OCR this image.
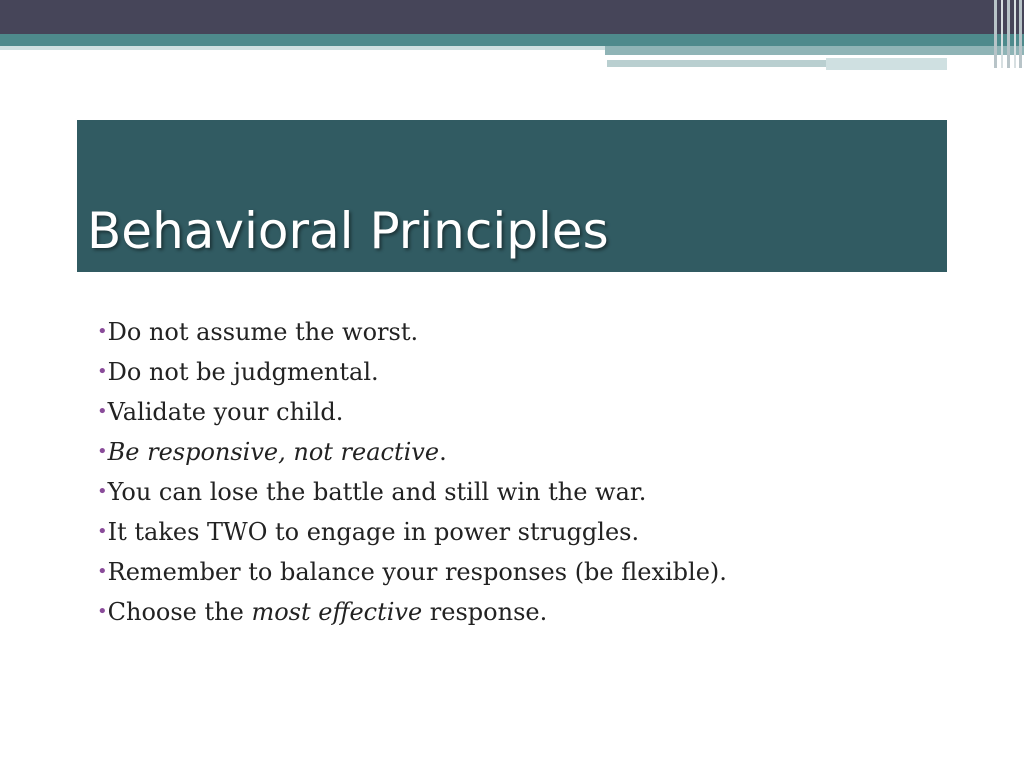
Behavioral Principles
•Do not assume the worst.
•Do not be judgmental.
•Validate your child.
•Be responsive, not reactive.
•You can lose the battle and still win the war.
•It takes TWO to engage in power struggles.
•Remember to balance your responses (be flexible).
•Choose the most effective response.
